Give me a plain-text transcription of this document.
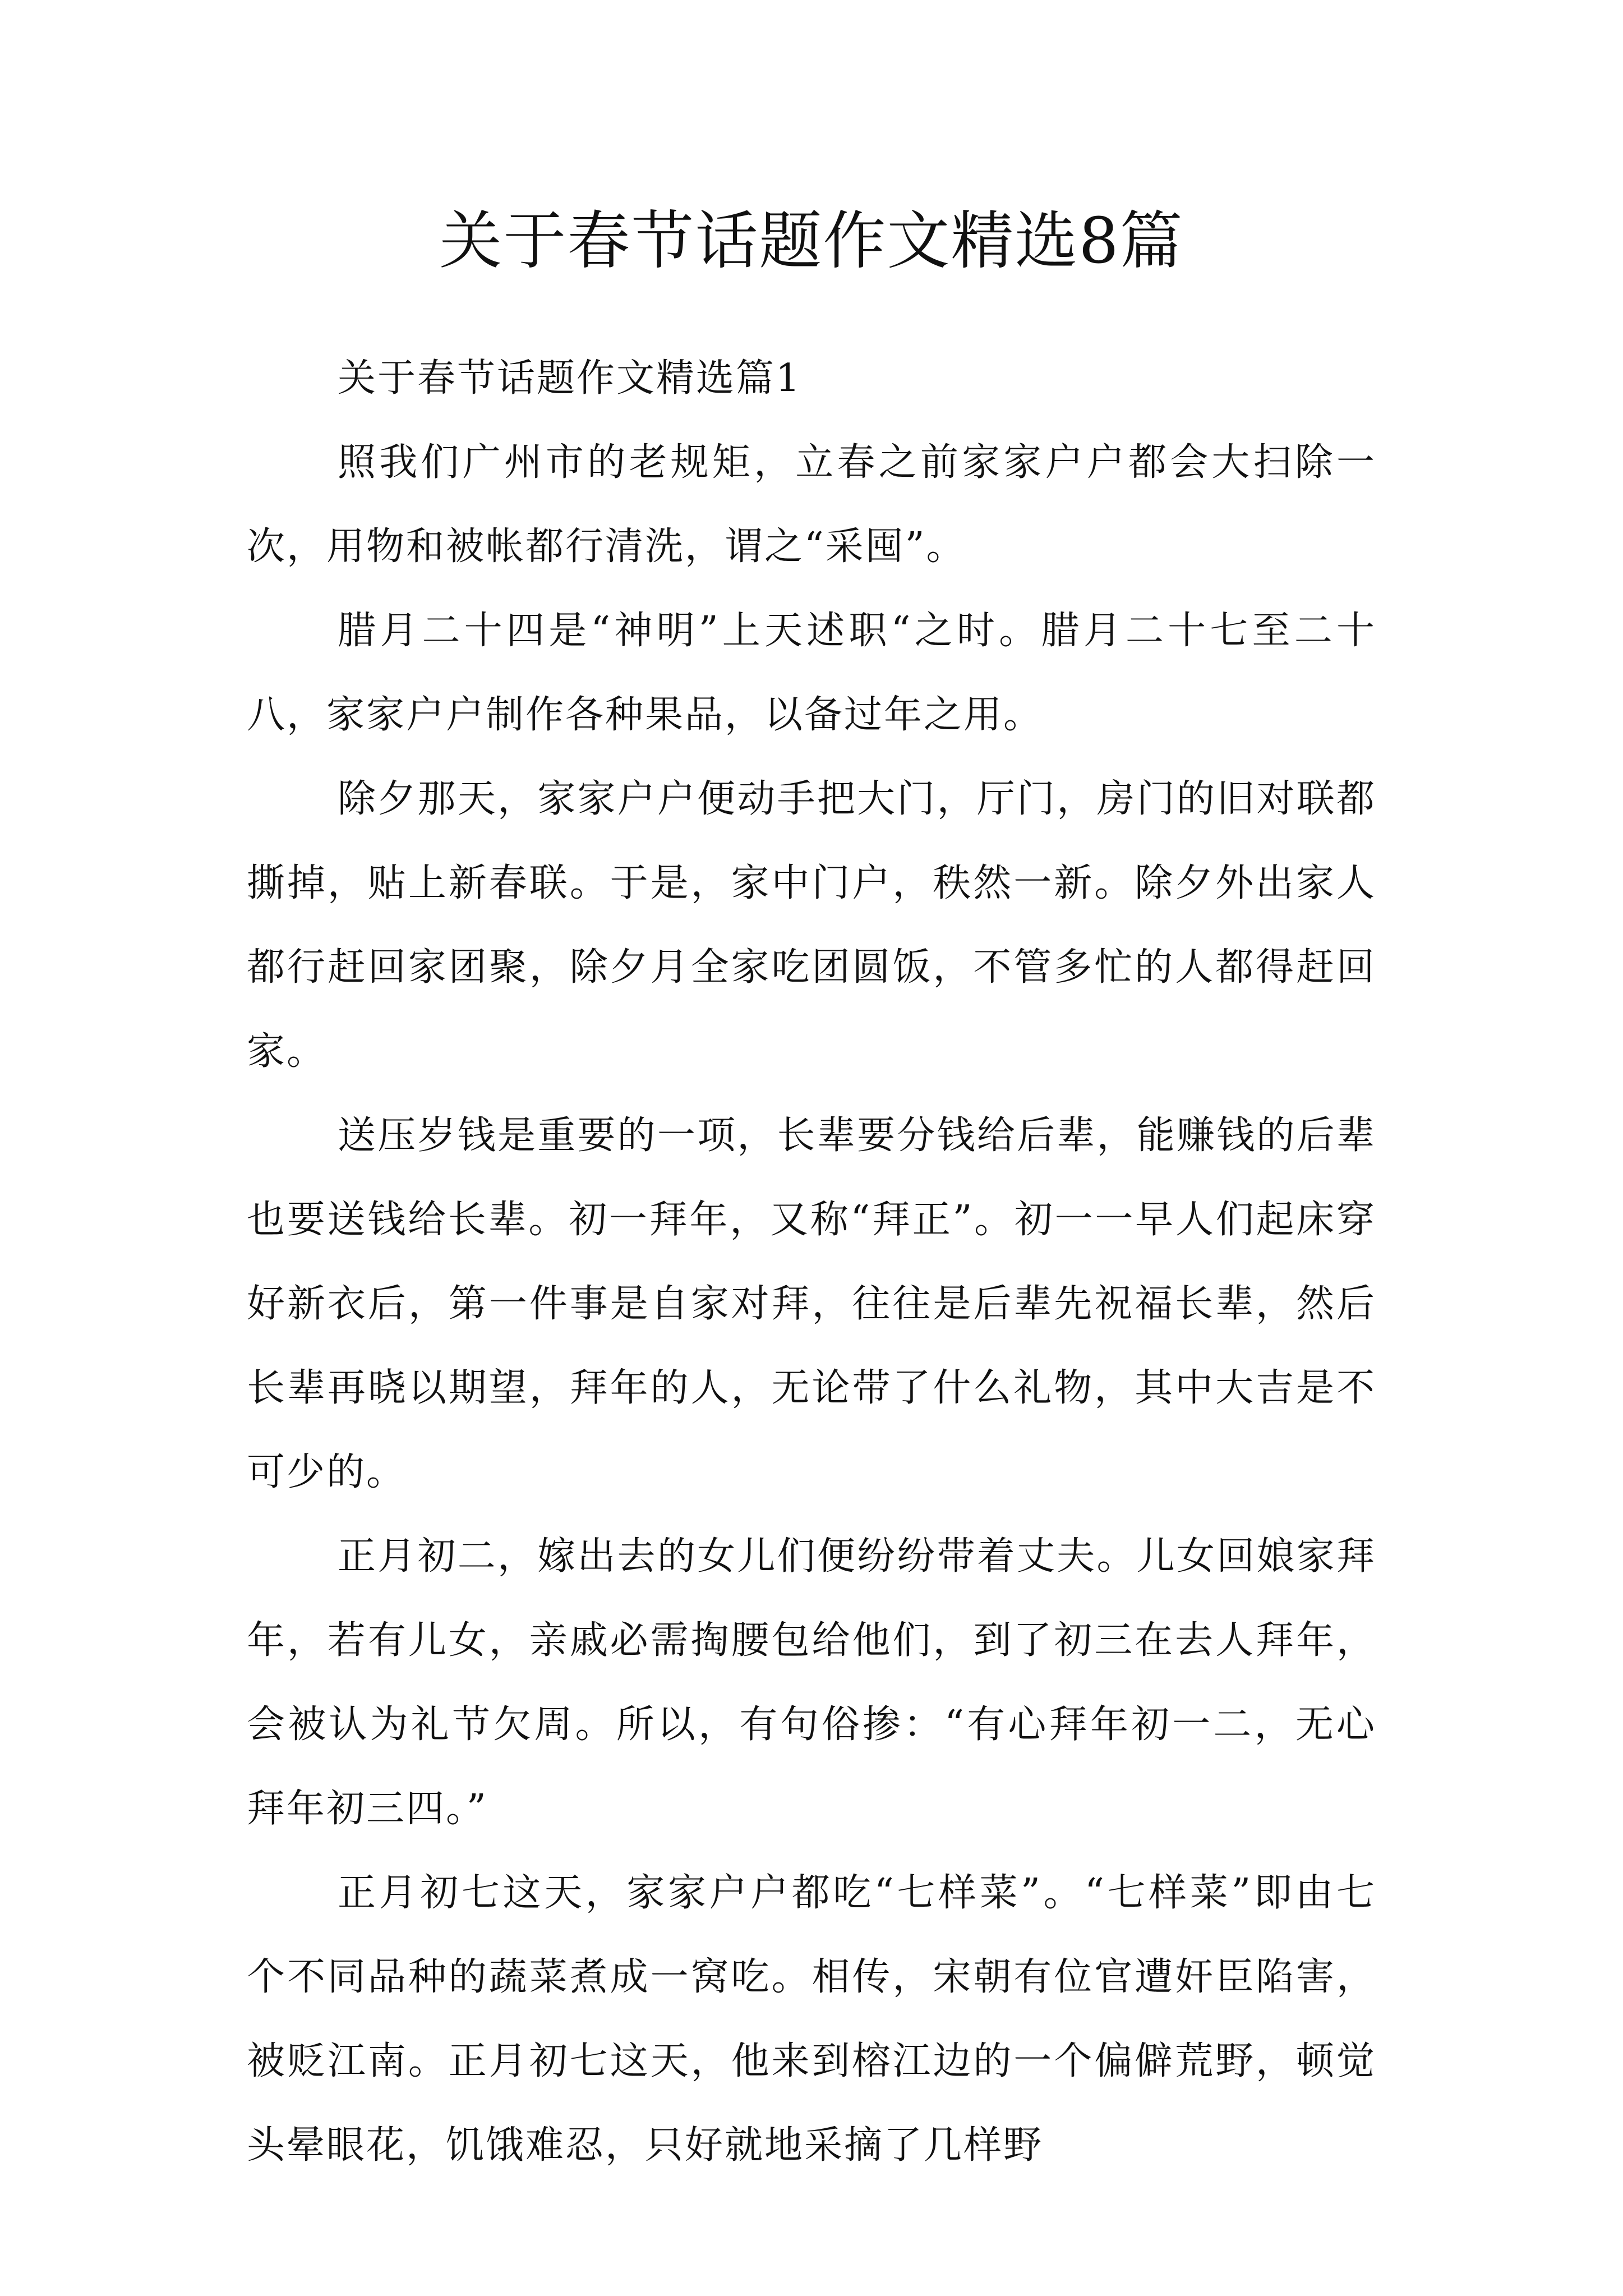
关于春节话题作文精选8篇

关于春节话题作文精选篇1

照我们广州市的老规矩，立春之前家家户户都会大扫除一次，用物和被帐都行清洗，谓之“采囤”。

腊月二十四是“神明”上天述职“之时。腊月二十七至二十八，家家户户制作各种果品，以备过年之用。

除夕那天，家家户户便动手把大门，厅门，房门的旧对联都撕掉，贴上新春联。于是，家中门户，秩然一新。除夕外出家人都行赶回家团聚，除夕月全家吃团圆饭，不管多忙的人都得赶回家。

送压岁钱是重要的一项，长辈要分钱给后辈，能赚钱的后辈也要送钱给长辈。初一拜年，又称“拜正”。初一一早人们起床穿好新衣后，第一件事是自家对拜，往往是后辈先祝福长辈，然后长辈再晓以期望，拜年的人，无论带了什么礼物，其中大吉是不可少的。

正月初二，嫁出去的女儿们便纷纷带着丈夫。儿女回娘家拜年，若有儿女，亲戚必需掏腰包给他们，到了初三在去人拜年，会被认为礼节欠周。所以，有句俗掺：“有心拜年初一二，无心拜年初三四。”

正月初七这天，家家户户都吃“七样菜”。“七样菜”即由七个不同品种的蔬菜煮成一窝吃。相传，宋朝有位官遭奸臣陷害，被贬江南。正月初七这天，他来到榕江边的一个偏僻荒野，顿觉头晕眼花，饥饿难忍，只好就地采摘了几样野
